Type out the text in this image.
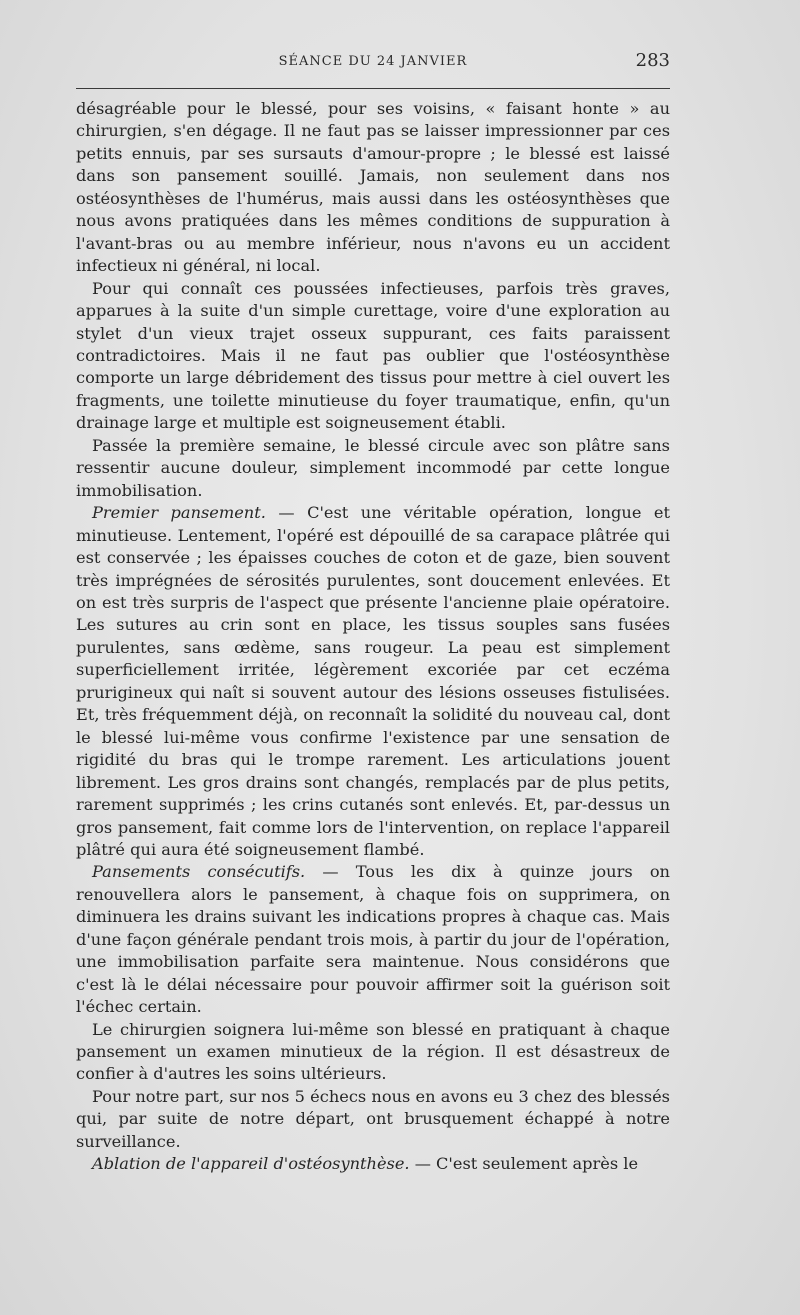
SÉANCE DU 24 JANVIER	283

désagréable pour le blessé, pour ses voisins, « faisant honte » au chirurgien, s'en dégage. Il ne faut pas se laisser impressionner par ces petits ennuis, par ses sursauts d'amour-propre ; le blessé est laissé dans son pansement souillé. Jamais, non seulement dans nos ostéosynthèses de l'humérus, mais aussi dans les ostéosynthèses que nous avons pratiquées dans les mêmes conditions de suppuration à l'avant-bras ou au membre inférieur, nous n'avons eu un accident infectieux ni général, ni local.

Pour qui connaît ces poussées infectieuses, parfois très graves, apparues à la suite d'un simple curettage, voire d'une exploration au stylet d'un vieux trajet osseux suppurant, ces faits paraissent contradictoires. Mais il ne faut pas oublier que l'ostéosynthèse comporte un large débridement des tissus pour mettre à ciel ouvert les fragments, une toilette minutieuse du foyer traumatique, enfin, qu'un drainage large et multiple est soigneusement établi.

Passée la première semaine, le blessé circule avec son plâtre sans ressentir aucune douleur, simplement incommodé par cette longue immobilisation.

Premier pansement. — C'est une véritable opération, longue et minutieuse. Lentement, l'opéré est dépouillé de sa carapace plâtrée qui est conservée ; les épaisses couches de coton et de gaze, bien souvent très imprégnées de sérosités purulentes, sont doucement enlevées. Et on est très surpris de l'aspect que présente l'ancienne plaie opératoire. Les sutures au crin sont en place, les tissus souples sans fusées purulentes, sans œdème, sans rougeur. La peau est simplement superficiellement irritée, légèrement excoriée par cet eczéma prurigineux qui naît si souvent autour des lésions osseuses fistulisées. Et, très fréquemment déjà, on reconnaît la solidité du nouveau cal, dont le blessé lui-même vous confirme l'existence par une sensation de rigidité du bras qui le trompe rarement. Les articulations jouent librement. Les gros drains sont changés, remplacés par de plus petits, rarement supprimés ; les crins cutanés sont enlevés. Et, par-dessus un gros pansement, fait comme lors de l'intervention, on replace l'appareil plâtré qui aura été soigneusement flambé.

Pansements consécutifs. — Tous les dix à quinze jours on renouvellera alors le pansement, à chaque fois on supprimera, on diminuera les drains suivant les indications propres à chaque cas. Mais d'une façon générale pendant trois mois, à partir du jour de l'opération, une immobilisation parfaite sera maintenue. Nous considérons que c'est là le délai nécessaire pour pouvoir affirmer soit la guérison soit l'échec certain.

Le chirurgien soignera lui-même son blessé en pratiquant à chaque pansement un examen minutieux de la région. Il est désastreux de confier à d'autres les soins ultérieurs.

Pour notre part, sur nos 5 échecs nous en avons eu 3 chez des blessés qui, par suite de notre départ, ont brusquement échappé à notre surveillance.

Ablation de l'appareil d'ostéosynthèse. — C'est seulement après le
